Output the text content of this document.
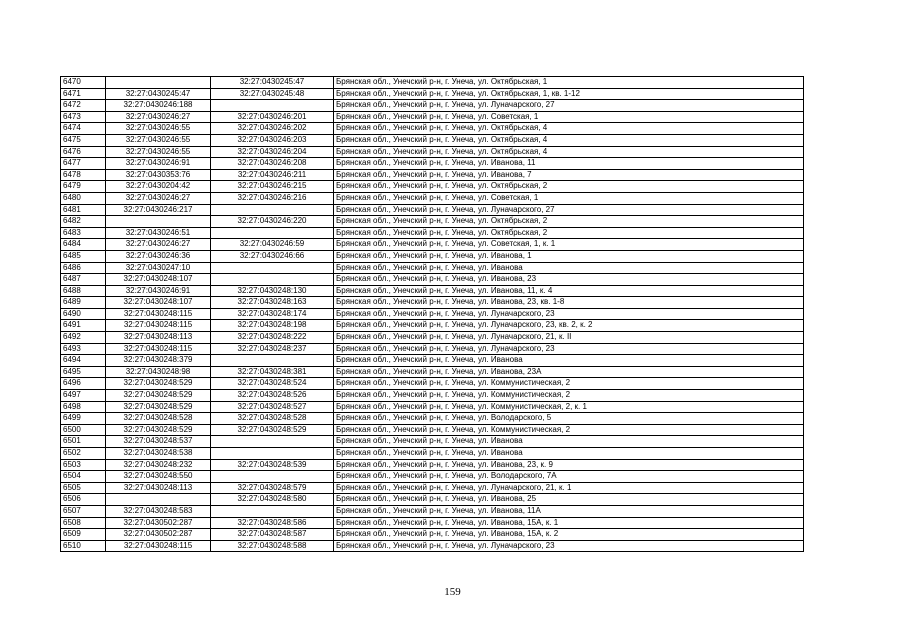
6470		32:27:0430245:47	Брянская обл., Унечский р-н, г. Унеча, ул. Октябрьская, 1
6471	32:27:0430245:47	32:27:0430245:48	Брянская обл., Унечский р-н, г. Унеча, ул. Октябрьская, 1, кв. 1-12
6472	32:27:0430246:188		Брянская обл., Унечский р-н, г. Унеча, ул. Луначарского, 27
6473	32:27:0430246:27	32:27:0430246:201	Брянская обл., Унечский р-н, г. Унеча, ул. Советская, 1
6474	32:27:0430246:55	32:27:0430246:202	Брянская обл., Унечский р-н, г. Унеча, ул. Октябрьская, 4
6475	32:27:0430246:55	32:27:0430246:203	Брянская обл., Унечский р-н, г. Унеча, ул. Октябрьская, 4
6476	32:27:0430246:55	32:27:0430246:204	Брянская обл., Унечский р-н, г. Унеча, ул. Октябрьская, 4
6477	32:27:0430246:91	32:27:0430246:208	Брянская обл., Унечский р-н, г. Унеча, ул. Иванова, 11
6478	32:27:0430353:76	32:27:0430246:211	Брянская обл., Унечский р-н, г. Унеча, ул. Иванова, 7
6479	32:27:0430204:42	32:27:0430246:215	Брянская обл., Унечский р-н, г. Унеча, ул. Октябрьская, 2
6480	32:27:0430246:27	32:27:0430246:216	Брянская обл., Унечский р-н, г. Унеча, ул. Советская, 1
6481	32:27:0430246:217		Брянская обл., Унечский р-н, г. Унеча, ул. Луначарского, 27
6482		32:27:0430246:220	Брянская обл., Унечский р-н, г. Унеча, ул. Октябрьская, 2
6483	32:27:0430246:51		Брянская обл., Унечский р-н, г. Унеча, ул. Октябрьская, 2
6484	32:27:0430246:27	32:27:0430246:59	Брянская обл., Унечский р-н, г. Унеча, ул. Советская, 1, к. 1
6485	32:27:0430246:36	32:27:0430246:66	Брянская обл., Унечский р-н, г. Унеча, ул. Иванова, 1
6486	32:27:0430247:10		Брянская обл., Унечский р-н, г. Унеча, ул. Иванова
6487	32:27:0430248:107		Брянская обл., Унечский р-н, г. Унеча, ул. Иванова, 23
6488	32:27:0430246:91	32:27:0430248:130	Брянская обл., Унечский р-н, г. Унеча, ул. Иванова, 11, к. 4
6489	32:27:0430248:107	32:27:0430248:163	Брянская обл., Унечский р-н, г. Унеча, ул. Иванова, 23, кв. 1-8
6490	32:27:0430248:115	32:27:0430248:174	Брянская обл., Унечский р-н, г. Унеча, ул. Луначарского, 23
6491	32:27:0430248:115	32:27:0430248:198	Брянская обл., Унечский р-н, г. Унеча, ул. Луначарского, 23, кв. 2, к. 2
6492	32:27:0430248:113	32:27:0430248:222	Брянская обл., Унечский р-н, г. Унеча, ул. Луначарского, 21, к. II
6493	32:27:0430248:115	32:27:0430248:237	Брянская обл., Унечский р-н, г. Унеча, ул. Луначарского, 23
6494	32:27:0430248:379		Брянская обл., Унечский р-н, г. Унеча, ул. Иванова
6495	32:27:0430248:98	32:27:0430248:381	Брянская обл., Унечский р-н, г. Унеча, ул. Иванова, 23А
6496	32:27:0430248:529	32:27:0430248:524	Брянская обл., Унечский р-н, г. Унеча, ул. Коммунистическая, 2
6497	32:27:0430248:529	32:27:0430248:526	Брянская обл., Унечский р-н, г. Унеча, ул. Коммунистическая, 2
6498	32:27:0430248:529	32:27:0430248:527	Брянская обл., Унечский р-н, г. Унеча, ул. Коммунистическая, 2, к. 1
6499	32:27:0430248:528	32:27:0430248:528	Брянская обл., Унечский р-н, г. Унеча, ул. Володарского, 5
6500	32:27:0430248:529	32:27:0430248:529	Брянская обл., Унечский р-н, г. Унеча, ул. Коммунистическая, 2
6501	32:27:0430248:537		Брянская обл., Унечский р-н, г. Унеча, ул. Иванова
6502	32:27:0430248:538		Брянская обл., Унечский р-н, г. Унеча, ул. Иванова
6503	32:27:0430248:232	32:27:0430248:539	Брянская обл., Унечский р-н, г. Унеча, ул. Иванова, 23, к. 9
6504	32:27:0430248:550		Брянская обл., Унечский р-н, г. Унеча, ул. Володарского, 7А
6505	32:27:0430248:113	32:27:0430248:579	Брянская обл., Унечский р-н, г. Унеча, ул. Луначарского, 21, к. 1
6506		32:27:0430248:580	Брянская обл., Унечский р-н, г. Унеча, ул. Иванова, 25
6507	32:27:0430248:583		Брянская обл., Унечский р-н, г. Унеча, ул. Иванова, 11А
6508	32:27:0430502:287	32:27:0430248:586	Брянская обл., Унечский р-н, г. Унеча, ул. Иванова, 15А, к. 1
6509	32:27:0430502:287	32:27:0430248:587	Брянская обл., Унечский р-н, г. Унеча, ул. Иванова, 15А, к. 2
6510	32:27:0430248:115	32:27:0430248:588	Брянская обл., Унечский р-н, г. Унеча, ул. Луначарского, 23
159
